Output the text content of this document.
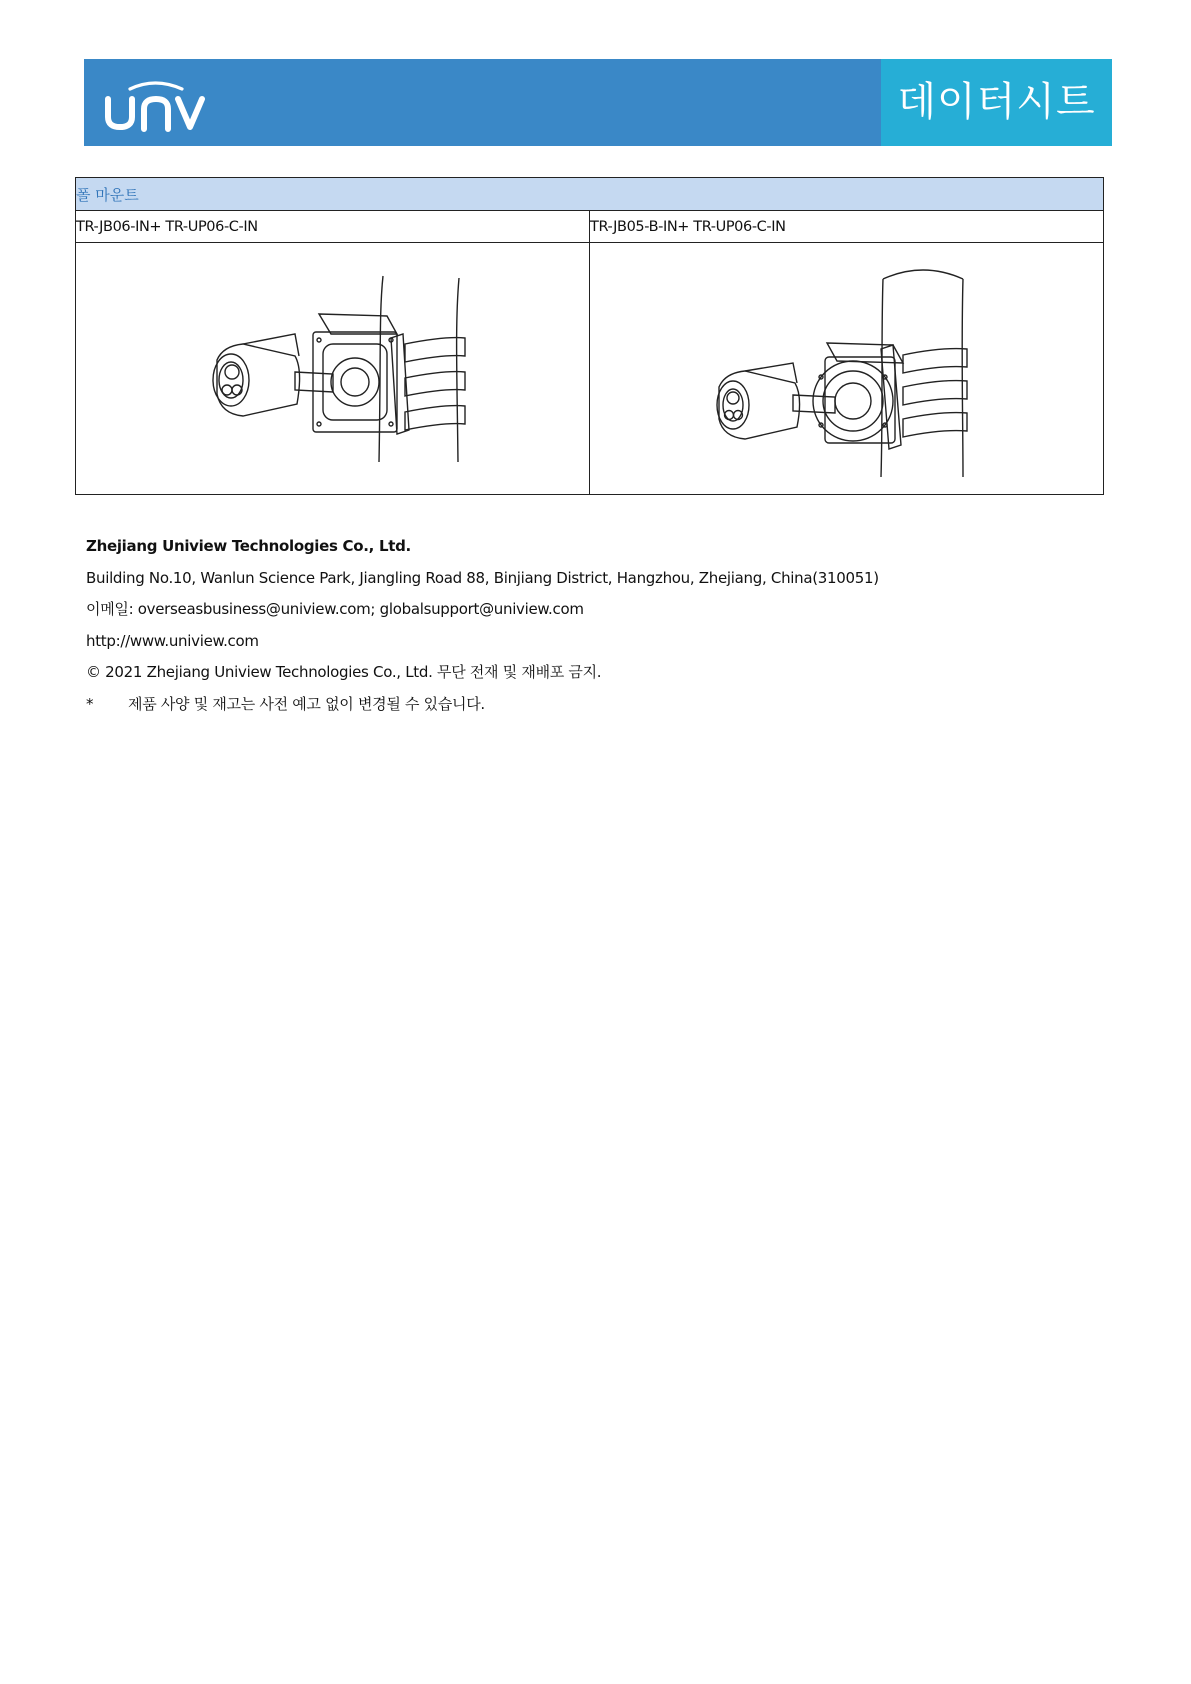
데이터시트
폴 마운트	
TR-JB06-IN+ TR-UP06-C-IN	TR-JB05-B-IN+ TR-UP06-C-IN

Zhejiang Uniview Technologies Co., Ltd.
Building No.10, Wanlun Science Park, Jiangling Road 88, Binjiang District, Hangzhou, Zhejiang, China(310051)
이메일: overseasbusiness@uniview.com; globalsupport@uniview.com
http://www.uniview.com
© 2021 Zhejiang Uniview Technologies Co., Ltd. 무단 전재 및 재배포 금지.
*	제품 사양 및 재고는 사전 예고 없이 변경될 수 있습니다.
